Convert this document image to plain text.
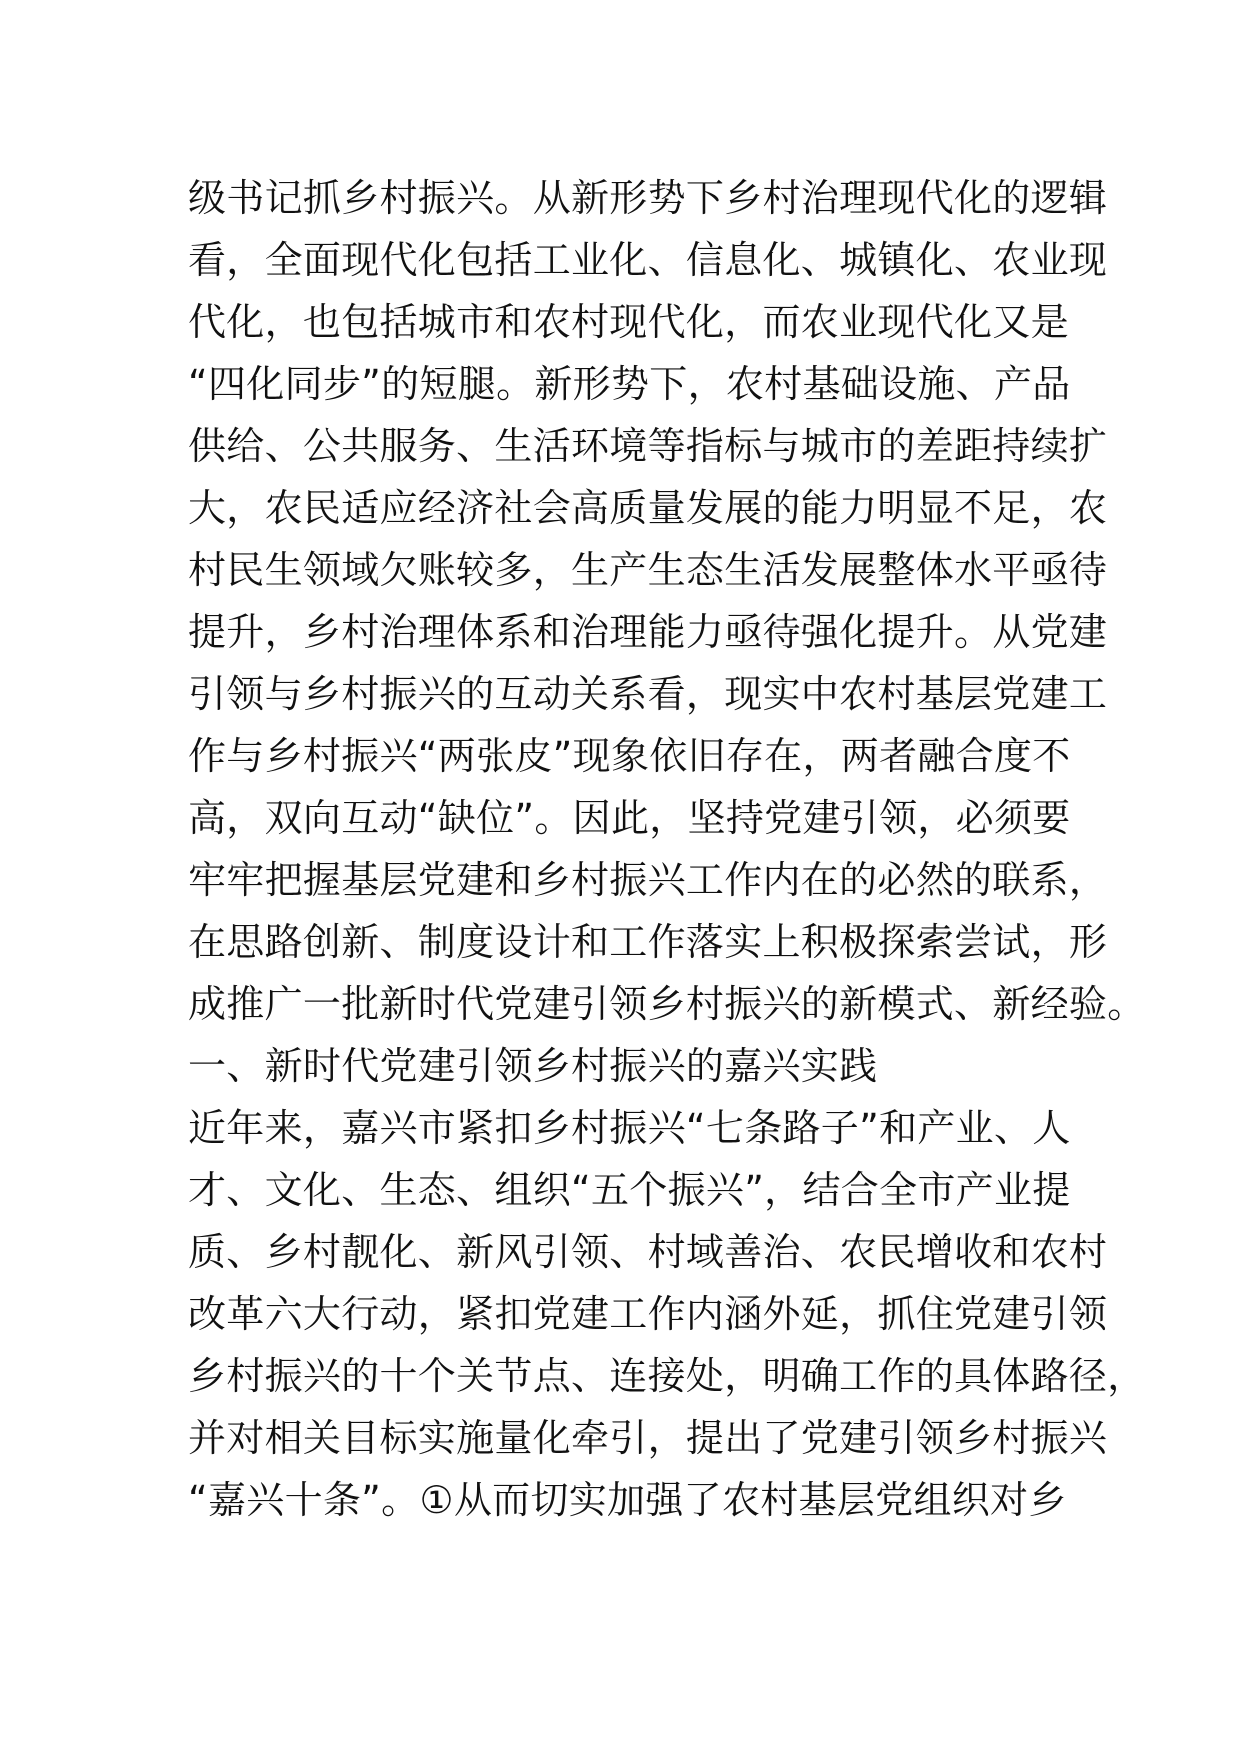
级书记抓乡村振兴。从新形势下乡村治理现代化的逻辑
看，全面现代化包括工业化、信息化、城镇化、农业现
代化，也包括城市和农村现代化，而农业现代化又是
“四化同步”的短腿。新形势下，农村基础设施、产品
供给、公共服务、生活环境等指标与城市的差距持续扩
大，农民适应经济社会高质量发展的能力明显不足，农
村民生领域欠账较多，生产生态生活发展整体水平亟待
提升，乡村治理体系和治理能力亟待强化提升。从党建
引领与乡村振兴的互动关系看，现实中农村基层党建工
作与乡村振兴“两张皮”现象依旧存在，两者融合度不
高，双向互动“缺位”。因此，坚持党建引领，必须要
牢牢把握基层党建和乡村振兴工作内在的必然的联系，
在思路创新、制度设计和工作落实上积极探索尝试，形
成推广一批新时代党建引领乡村振兴的新模式、新经验。
一、新时代党建引领乡村振兴的嘉兴实践
近年来，嘉兴市紧扣乡村振兴“七条路子”和产业、人
才、文化、生态、组织“五个振兴”，结合全市产业提
质、乡村靓化、新风引领、村域善治、农民增收和农村
改革六大行动，紧扣党建工作内涵外延，抓住党建引领
乡村振兴的十个关节点、连接处，明确工作的具体路径，
并对相关目标实施量化牵引，提出了党建引领乡村振兴
“嘉兴十条”。①从而切实加强了农村基层党组织对乡
